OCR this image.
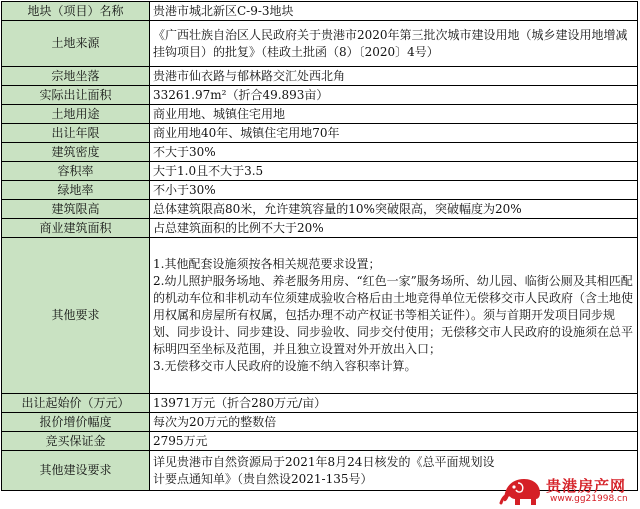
地块（项目）名称	贵港市城北新区C-9-3地块
土地来源	《广西壮族自治区人民政府关于贵港市2020年第三批次城市建设用地（城乡建设用地增减挂钩项目）的批复》（桂政土批函（8）〔2020〕4号）
宗地坐落	贵港市仙衣路与郁林路交汇处西北角
实际出让面积	33261.97m²（折合49.893亩）
土地用途	商业用地、城镇住宅用地
出让年限	商业用地40年、城镇住宅用地70年
建筑密度	不大于30%
容积率	大于1.0且不大于3.5
绿地率	不小于30%
建筑限高	总体建筑限高80米，允许建筑容量的10%突破限高，突破幅度为20%
商业建筑面积	占总建筑面积的比例不大于20%
其他要求	1.其他配套设施须按各相关规范要求设置；
2.幼儿照护服务场地、养老服务用房、“红色一家”服务场所、幼儿园、临街公厕及其相匹配的机动车位和非机动车位须建成验收合格后由土地竞得单位无偿移交市人民政府（含土地使用权属和房屋所有权属，包括办理不动产权证书等相关证件）。须与首期开发项目同步规划、同步设计、同步建设、同步验收、同步交付使用；无偿移交市人民政府的设施须在总平标明四至坐标及范围，并且独立设置对外开放出入口；
3.无偿移交市人民政府的设施不纳入容积率计算。

出让起始价（万元）	13971万元（折合280万元/亩）
报价增价幅度	每次为20万元的整数倍
竞买保证金	2795万元
其他建设要求	详见贵港市自然资源局于2021年8月24日核发的《总平面规划设计要点通知单》（贵自然设2021-135号）	贵港房产网
www.gg21998.cn
